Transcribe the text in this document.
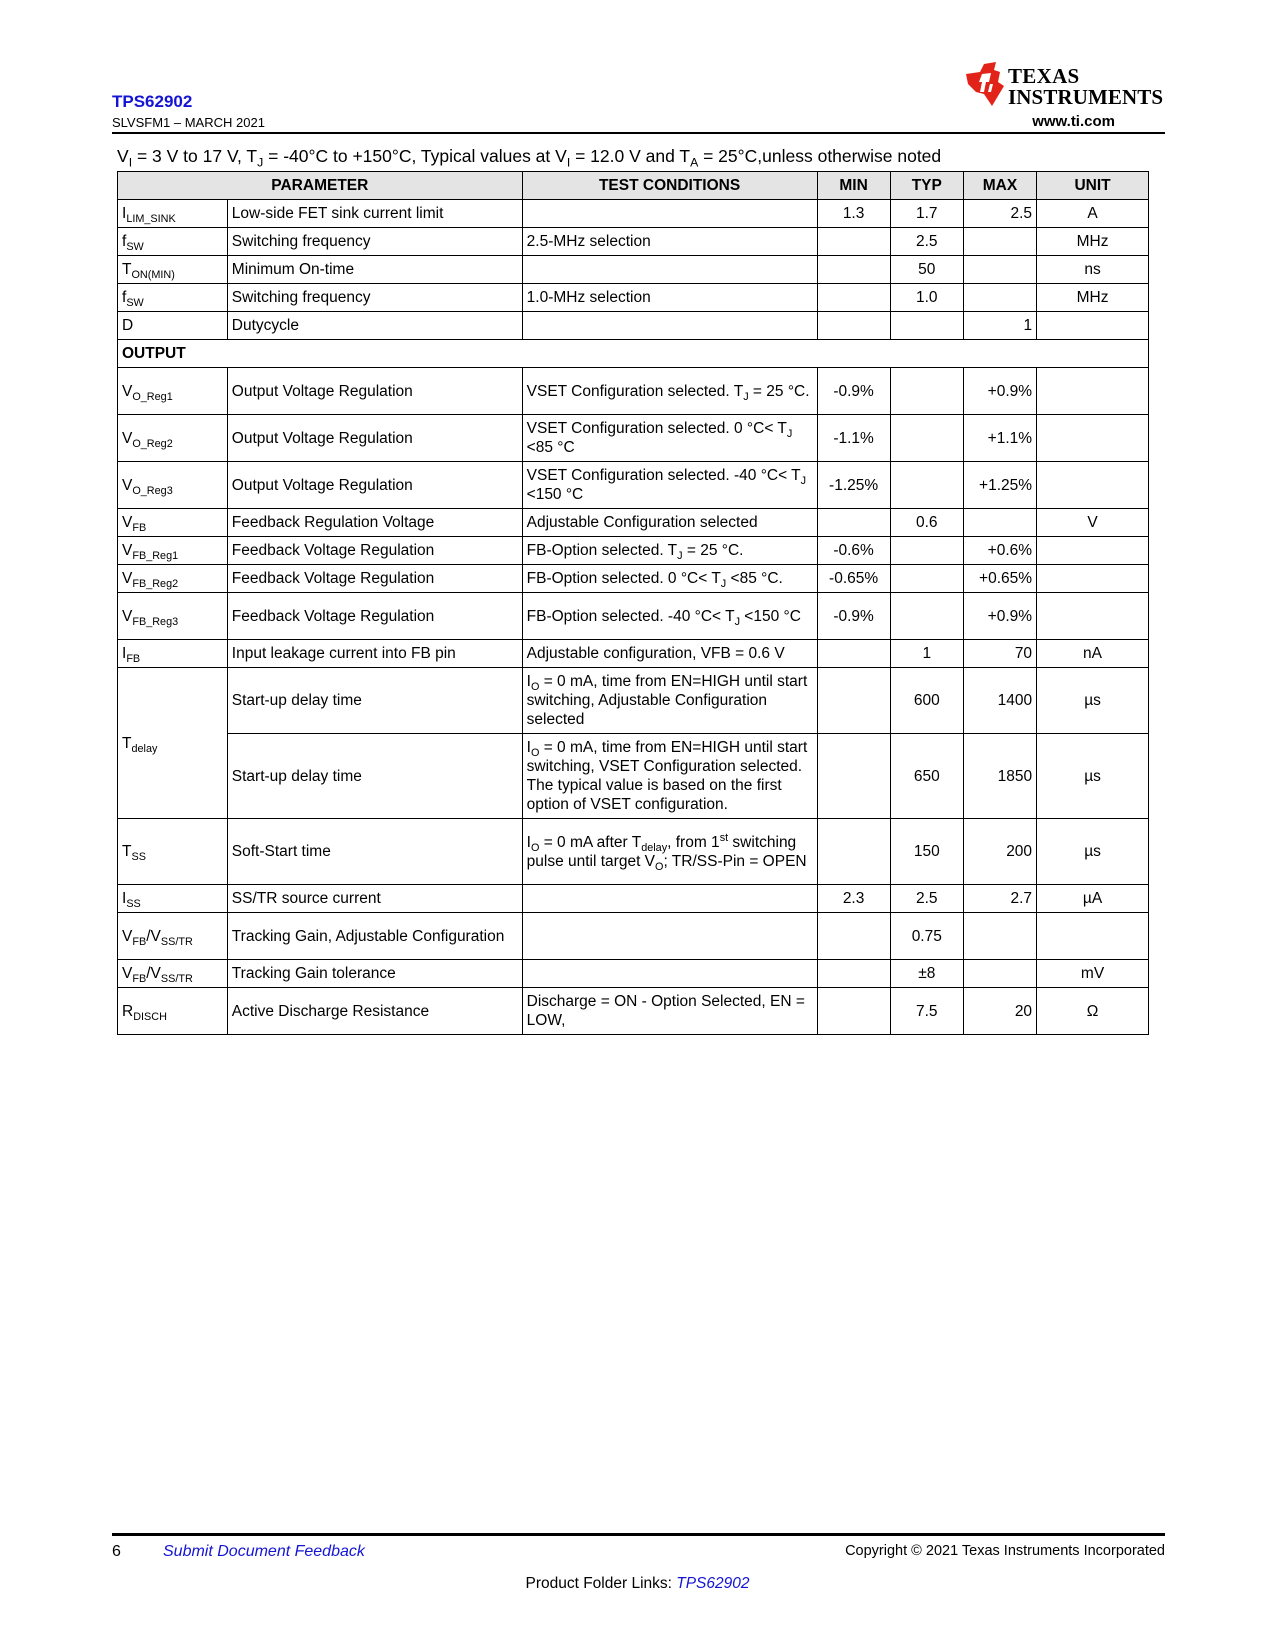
TPS62902
SLVSFM1 – MARCH 2021
TEXAS
INSTRUMENTS
www.ti.com
$V_I = 3$ V to 17 V, $T_J = -40^\circ C$ to +150°C, Typical values at $V_I = 12.0$ V and $T_A$ = 25°C,unless otherwise noted
PARAMETER		TEST CONDITIONS	MIN	TYP	MAX	UNIT
$I_{LIM\_SINK}$	Low-side FET sink current limit		1.3	1.7	2.5	A
$f_{SW}$	Switching frequency	2.5-MHz selection		2.5		MHz
$T_{ON(MIN)}$	Minimum On-time			50		ns
$f_{SW}$	Switching frequency	1.0-MHz selection		1.0		MHz
D	Dutycycle				1	
OUTPUT						
$V_{O\_Reg1}$	Output Voltage Regulation	VSET Configuration selected. $T_J = 25$ °C.	-0.9%		+0.9%	
$V_{O\_Reg2}$	Output Voltage Regulation	VSET Configuration selected. 0 $^\circ C< T_J <85$ °C	-1.1%		+1.1%	
$V_{O\_Reg3}$	Output Voltage Regulation	VSET Configuration selected. -40 $^\circ C< T_J <150$ °C	-1.25%		+1.25%	
$V_{FB}$	Feedback Regulation Voltage	Adjustable Configuration selected		0.6		V
$V_{FB\_Reg1}$	Feedback Voltage Regulation	FB-Option selected. $T_J = 25$ °C.	-0.6%		+0.6%	
$V_{FB\_Reg2}$	Feedback Voltage Regulation	FB-Option selected. 0 $^\circ C< T_J <85$ °C.	-0.65%		+0.65%	
$V_{FB\_Reg3}$	Feedback Voltage Regulation	FB-Option selected. -40 $^\circ C< T_J <150$ °C	-0.9%		+0.9%	
$I_{FB}$	Input leakage current into FB pin	Adjustable configuration, VFB = 0.6 V		1	70	nA
$T_{delay}$	Start-up delay time	$I_O = 0$ mA, time from EN=HIGH until start switching, Adjustable Configuration selected		600	1400	µs
	Start-up delay time	$I_O = 0$ mA, time from EN=HIGH until start switching, VSET Configuration selected. The typical value is based on the first option of VSET configuration.		650	1850	µs
$T_{SS}$	Soft-Start time	$I_O = 0$ mA after $T_{delay}$, from 1st switching pulse until target $V_O$; TR/SS-Pin = OPEN		150	200	µs
$I_{SS}$	SS/TR source current		2.3	2.5	2.7	µA
$V_{FB}/V_{SS/TR}$	Tracking Gain, Adjustable Configuration			0.75		
$V_{FB}/V_{SS/TR}$	Tracking Gain tolerance			±8		mV
$R_{DISCH}$	Active Discharge Resistance	Discharge = ON - Option Selected, EN = LOW,		7.5	20	Ω
6	Submit Document Feedback	Copyright © 2021 Texas Instruments Incorporated
Product Folder Links: TPS62902
